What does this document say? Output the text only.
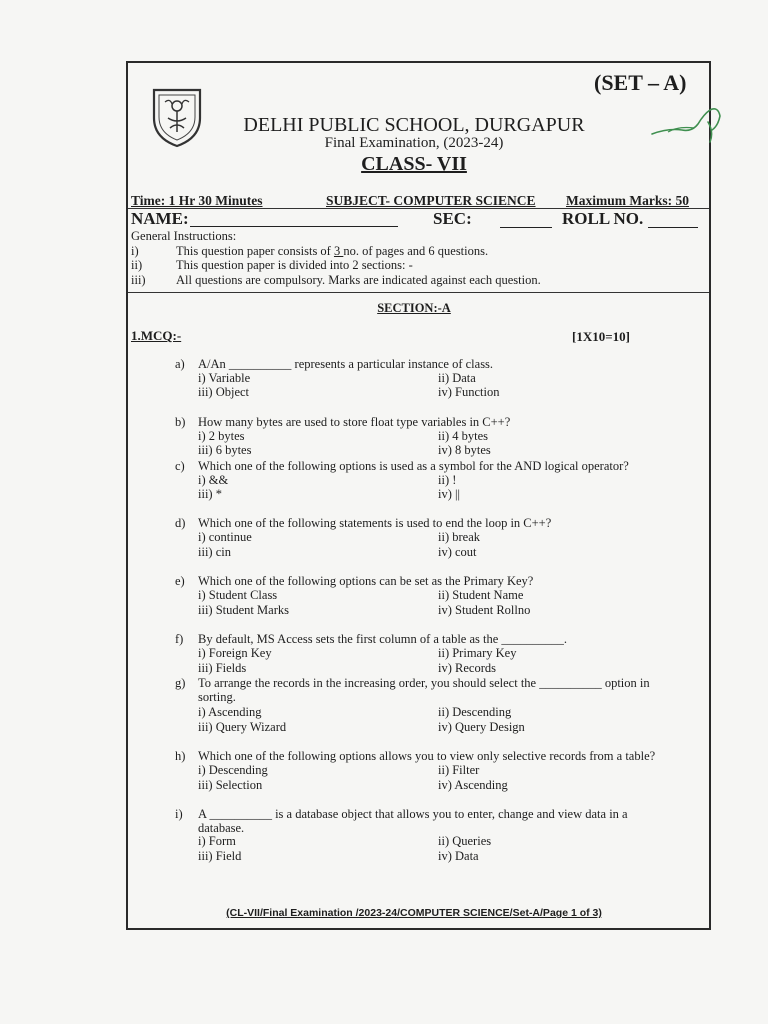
(SET – A)
DELHI PUBLIC SCHOOL, DURGAPUR
Final Examination, (2023-24)
CLASS- VII
Time: 1 Hr 30 Minutes	SUBJECT- COMPUTER SCIENCE Maximum Marks: 50
NAME:	SEC:	ROLL NO.
General Instructions:
i)	This question paper consists of 3 no. of pages and 6 questions.
ii)	This question paper is divided into 2 sections: -
iii) All questions are compulsory. Marks are indicated against each question.
SECTION:-A
1.MCQ:-	[1X10=10]
a) A/An __________ represents a particular instance of class.
i) Variable	ii) Data
iii) Object	iv) Function
b) How many bytes are used to store float type variables in C++?
i) 2 bytes	ii) 4 bytes
iii) 6 bytes	iv) 8 bytes
c) Which one of the following options is used as a symbol for the AND logical operator?
i) &&	ii) !
iii) *	iv) ||
d) Which one of the following statements is used to end the loop in C++?
i) continue	ii) break
iii) cin	iv) cout
e) Which one of the following options can be set as the Primary Key?
i) Student Class	ii) Student Name
iii) Student Marks	iv) Student Rollno
f) By default, MS Access sets the first column of a table as the __________.
i) Foreign Key	ii) Primary Key
iii) Fields	iv) Records
g) To arrange the records in the increasing order, you should select the __________ option in
sorting.
i) Ascending	ii) Descending
iii) Query Wizard	iv) Query Design
h) Which one of the following options allows you to view only selective records from a table?
i) Descending	ii) Filter
iii) Selection	iv) Ascending
i) A __________ is a database object that allows you to enter, change and view data in a
database.
i) Form	ii) Queries
iii) Field	iv) Data
(CL-VII/Final Examination /2023-24/COMPUTER SCIENCE/Set-A/Page 1 of 3)
